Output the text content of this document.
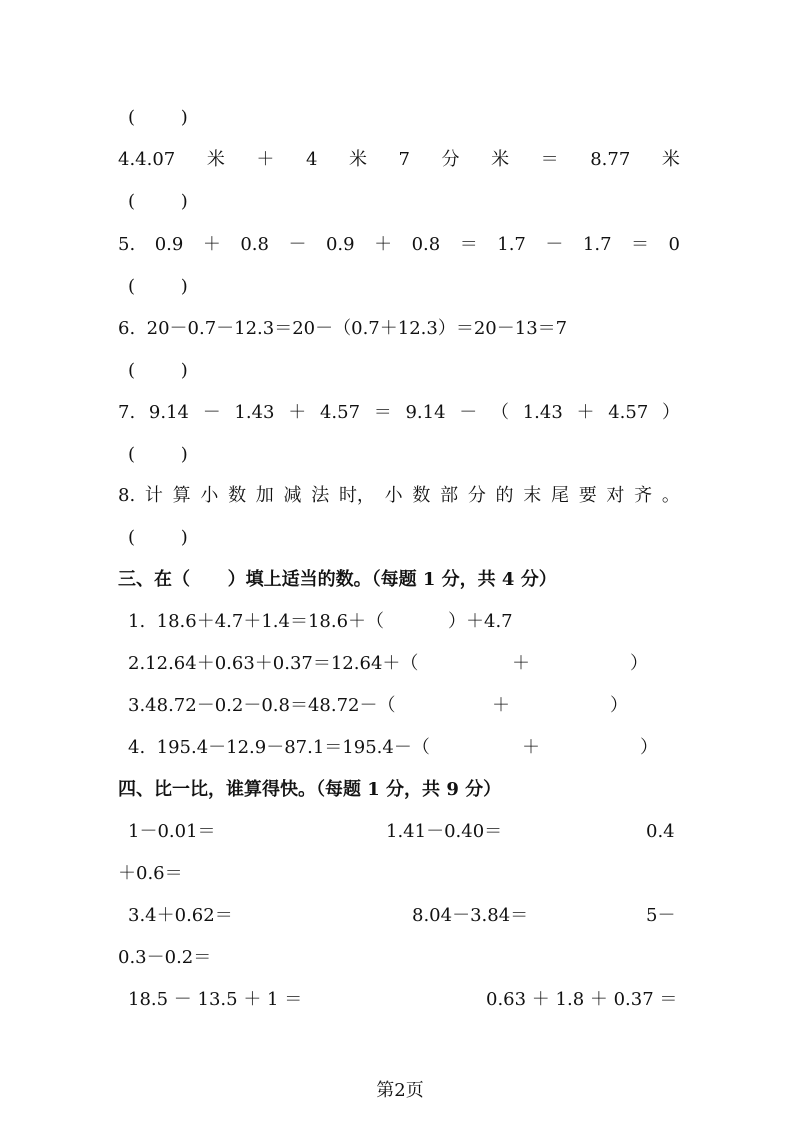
(        )
4.4.07 米 ＋ 4 米 7 分 米 ＝ 8.77 米
(        )
5. 0.9 ＋ 0.8 － 0.9 ＋ 0.8 ＝ 1.7 － 1.7 ＝ 0
(        )
6.  20－0.7－12.3＝20－（0.7＋12.3）＝20－13＝7
(        )
7. 9.14 － 1.43 ＋ 4.57 ＝ 9.14 － （ 1.43 ＋ 4.57 ）
(        )
8. 计 算 小 数 加 减 法 时， 小 数 部 分 的 末 尾 要 对 齐 。
(        )
三、在（      ）填上适当的数。（每题 1 分，共 4 分）
1.  18.6＋4.7＋1.4＝18.6＋（	）＋4.7
2.12.64＋0.63＋0.37＝12.64＋（	＋	）
3.48.72－0.2－0.8＝48.72－（	＋	）
4.  195.4－12.9－87.1＝195.4－（	＋	）
四、比一比，谁算得快。（每题 1 分，共 9 分）
1－0.01＝	1.41－0.40＝	0.4
＋0.6＝
3.4＋0.62＝	8.04－3.84＝	5－
0.3－0.2＝
18.5 － 13.5 ＋ 1 ＝	0.63 ＋ 1.8 ＋ 0.37 ＝
第2页
